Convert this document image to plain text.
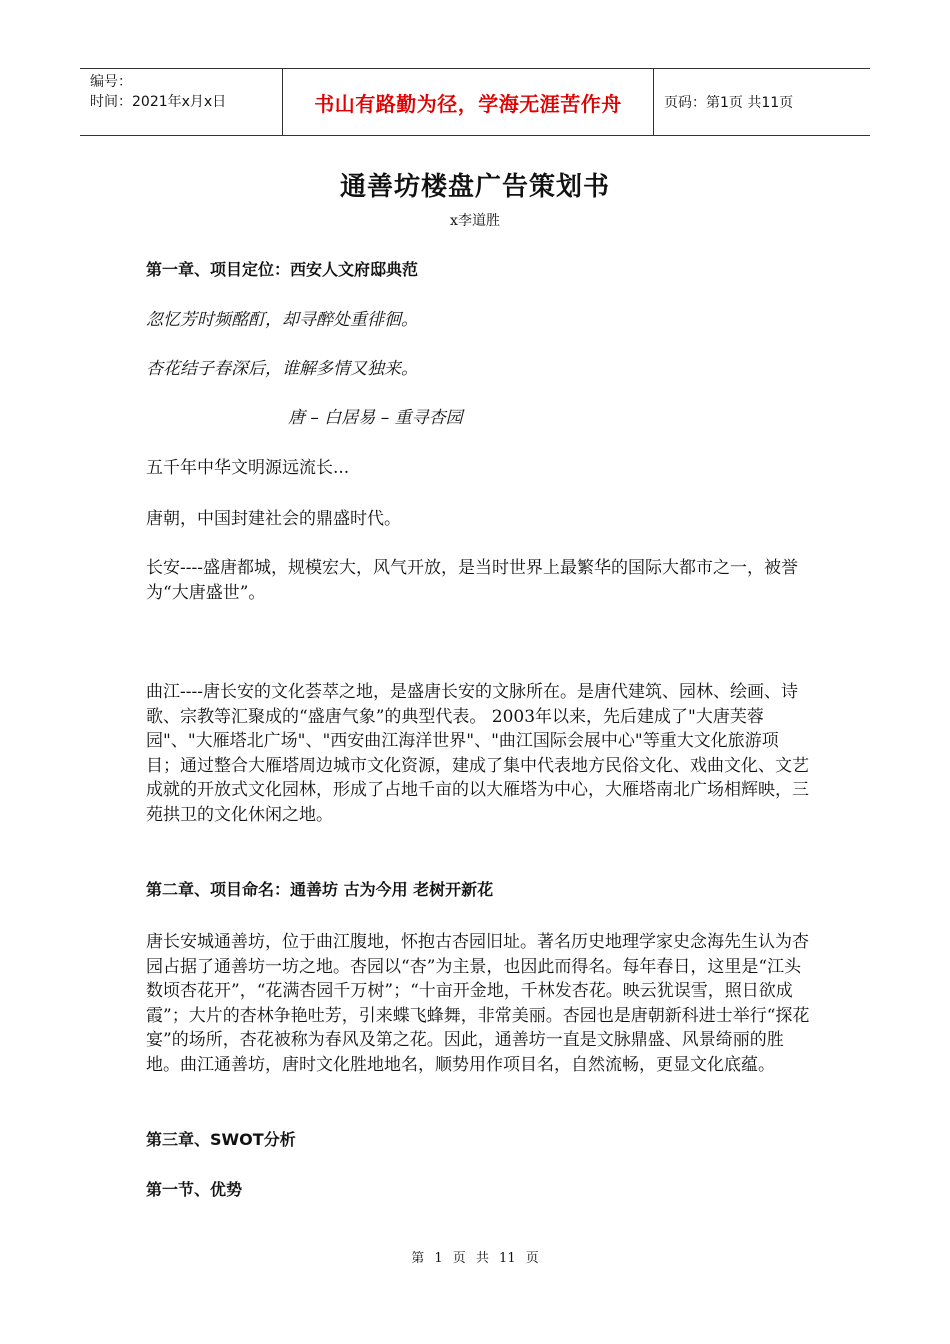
编号：
时间：2021年x月x日	书山有路勤为径，学海无涯苦作舟	页码：第1页 共11页
通善坊楼盘广告策划书
x李道胜
第一章、项目定位：西安人文府邸典范
忽忆芳时频酩酊，却寻醉处重徘徊。
杏花结子春深后，谁解多情又独来。
唐 – 白居易 – 重寻杏园
五千年中华文明源远流长...
唐朝，中国封建社会的鼎盛时代。
长安----盛唐都城，规模宏大，风气开放，是当时世界上最繁华的国际大都市之一，被誉为“大唐盛世”。
曲江----唐长安的文化荟萃之地，是盛唐长安的文脉所在。是唐代建筑、园林、绘画、诗歌、宗教等汇聚成的“盛唐气象”的典型代表。 2003年以来，先后建成了"大唐芙蓉园"、"大雁塔北广场"、"西安曲江海洋世界"、"曲江国际会展中心"等重大文化旅游项目；通过整合大雁塔周边城市文化资源，建成了集中代表地方民俗文化、戏曲文化、文艺成就的开放式文化园林，形成了占地千亩的以大雁塔为中心，大雁塔南北广场相辉映，三苑拱卫的文化休闲之地。
第二章、项目命名：通善坊 古为今用 老树开新花
唐长安城通善坊，位于曲江腹地，怀抱古杏园旧址。著名历史地理学家史念海先生认为杏园占据了通善坊一坊之地。杏园以“杏”为主景，也因此而得名。每年春日，这里是“江头数顷杏花开”，“花满杏园千万树”；“十亩开金地，千林发杏花。映云犹误雪，照日欲成霞”；大片的杏林争艳吐芳，引来蝶飞蜂舞，非常美丽。杏园也是唐朝新科进士举行“探花宴”的场所，杏花被称为春风及第之花。因此，通善坊一直是文脉鼎盛、风景绮丽的胜地。曲江通善坊，唐时文化胜地地名，顺势用作项目名，自然流畅，更显文化底蕴。
第三章、SWOT分析
第一节、优势
第 1 页 共 11 页
